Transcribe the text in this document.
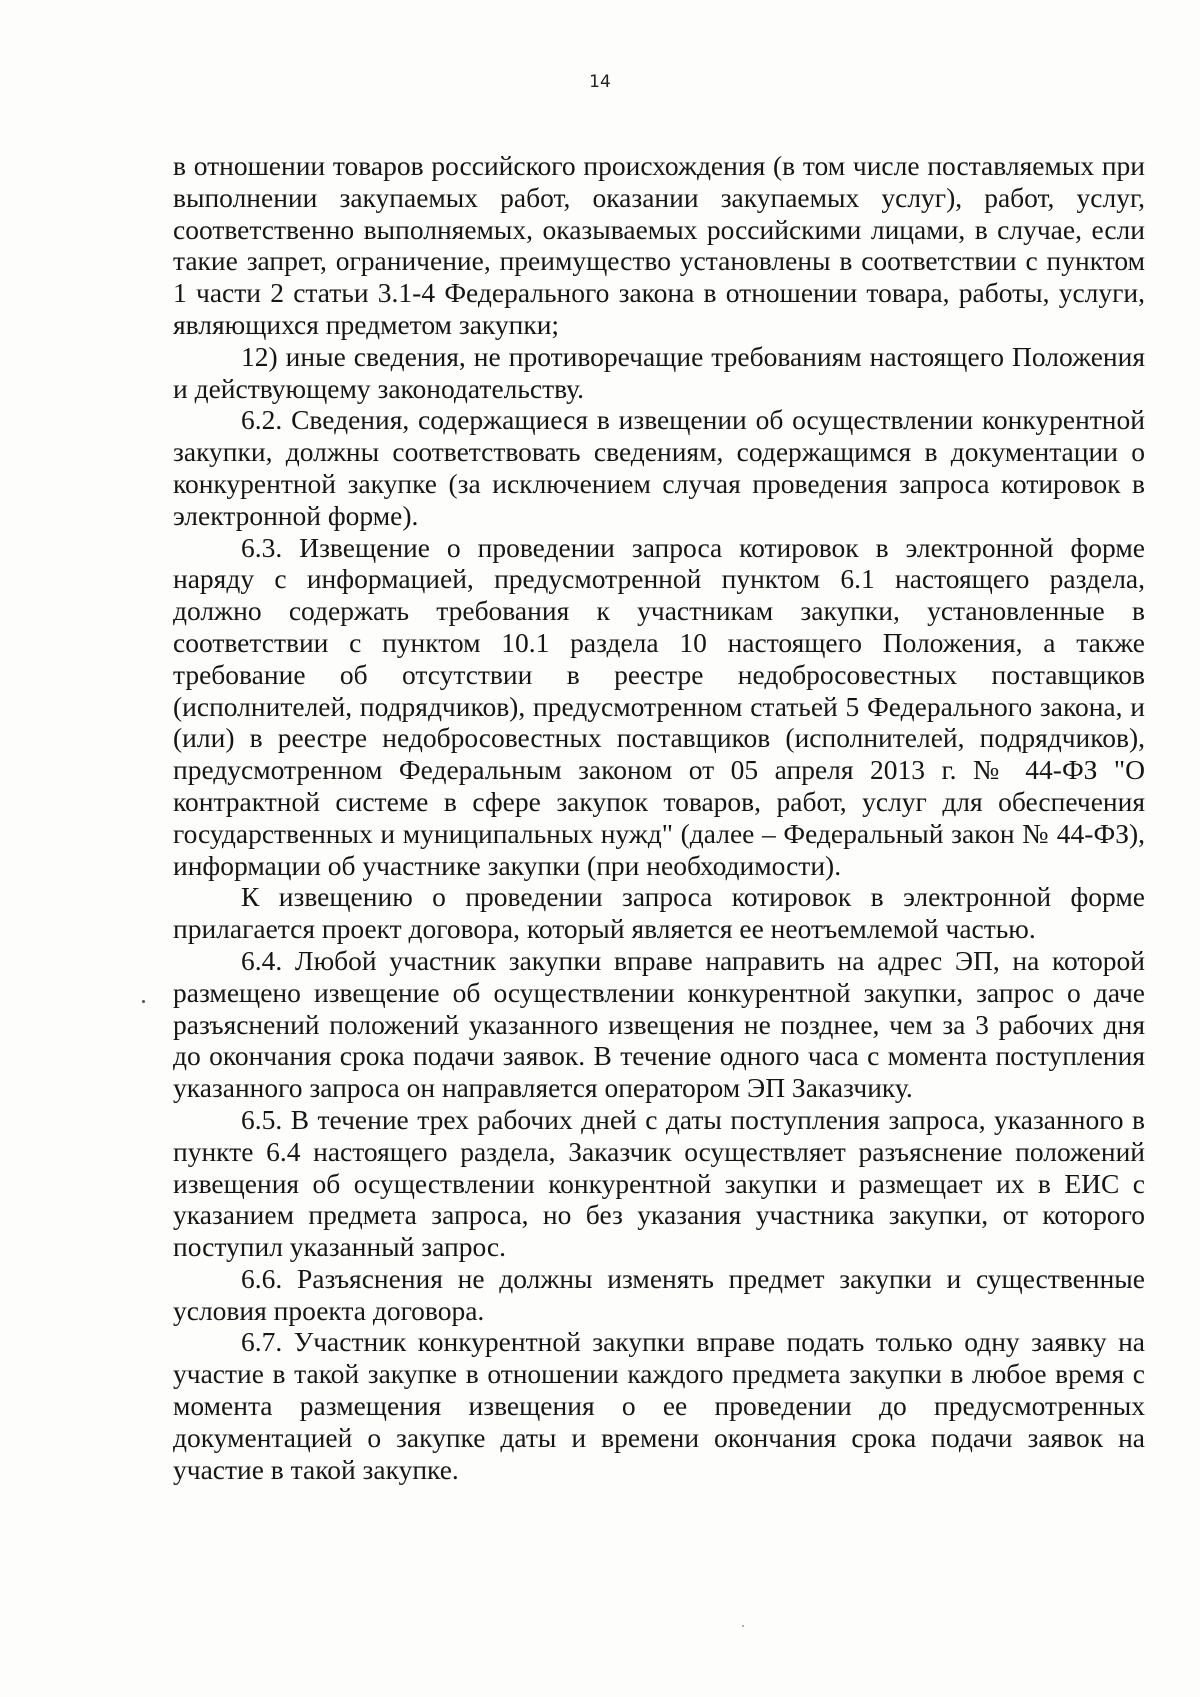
14

в отношении товаров российского происхождения (в том числе поставляемых при выполнении закупаемых работ, оказании закупаемых услуг), работ, услуг, соответственно выполняемых, оказываемых российскими лицами, в случае, если такие запрет, ограничение, преимущество установлены в соответствии с пунктом 1 части 2 статьи 3.1-4 Федерального закона в отношении товара, работы, услуги, являющихся предметом закупки;

12) иные сведения, не противоречащие требованиям настоящего Положения и действующему законодательству.

6.2. Сведения, содержащиеся в извещении об осуществлении конкурентной закупки, должны соответствовать сведениям, содержащимся в документации о конкурентной закупке (за исключением случая проведения запроса котировок в электронной форме).

6.3. Извещение о проведении запроса котировок в электронной форме наряду с информацией, предусмотренной пунктом 6.1 настоящего раздела, должно содержать требования к участникам закупки, установленные в соответствии с пунктом 10.1 раздела 10 настоящего Положения, а также требование об отсутствии в реестре недобросовестных поставщиков (исполнителей, подрядчиков), предусмотренном статьей 5 Федерального закона, и (или) в реестре недобросовестных поставщиков (исполнителей, подрядчиков), предусмотренном Федеральным законом от 05 апреля 2013 г. № 44-ФЗ "О контрактной системе в сфере закупок товаров, работ, услуг для обеспечения государственных и муниципальных нужд" (далее – Федеральный закон № 44-ФЗ), информации об участнике закупки (при необходимости).

К извещению о проведении запроса котировок в электронной форме прилагается проект договора, который является ее неотъемлемой частью.

6.4. Любой участник закупки вправе направить на адрес ЭП, на которой размещено извещение об осуществлении конкурентной закупки, запрос о даче разъяснений положений указанного извещения не позднее, чем за 3 рабочих дня до окончания срока подачи заявок. В течение одного часа с момента поступления указанного запроса он направляется оператором ЭП Заказчику.

6.5. В течение трех рабочих дней с даты поступления запроса, указанного в пункте 6.4 настоящего раздела, Заказчик осуществляет разъяснение положений извещения об осуществлении конкурентной закупки и размещает их в ЕИС с указанием предмета запроса, но без указания участника закупки, от которого поступил указанный запрос.

6.6. Разъяснения не должны изменять предмет закупки и существенные условия проекта договора.

6.7. Участник конкурентной закупки вправе подать только одну заявку на участие в такой закупке в отношении каждого предмета закупки в любое время с момента размещения извещения о ее проведении до предусмотренных документацией о закупке даты и времени окончания срока подачи заявок на участие в такой закупке.
